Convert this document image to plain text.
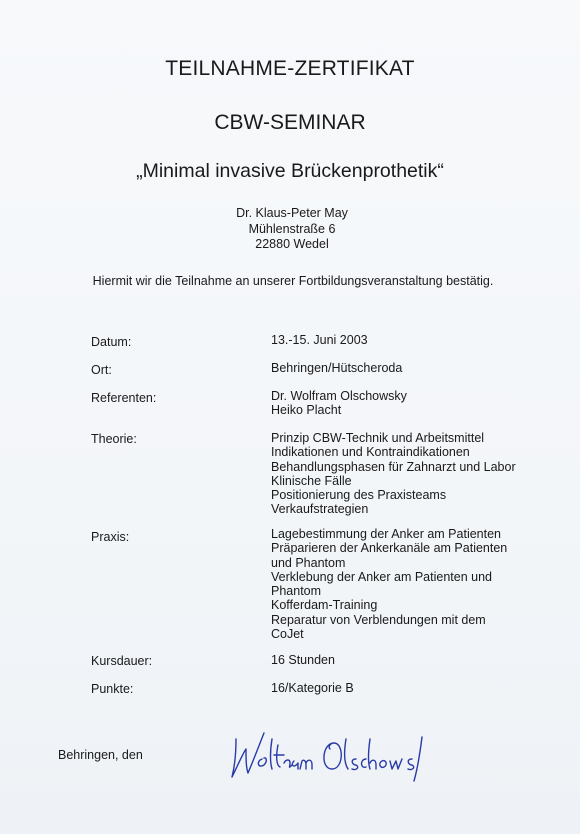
TEILNAHME-ZERTIFIKAT
CBW-SEMINAR
„Minimal invasive Brückenprothetik“
Dr. Klaus-Peter May
Mühlenstraße 6
22880 Wedel
Hiermit wir die Teilnahme an unserer Fortbildungsveranstaltung bestätig.
Datum:	13.-15. Juni 2003
Ort:	Behringen/Hütscheroda
Referenten:	Dr. Wolfram Olschowsky
Heiko Placht
Theorie:	Prinzip CBW-Technik und Arbeitsmittel
Indikationen und Kontraindikationen
Behandlungsphasen für Zahnarzt und Labor
Klinische Fälle
Positionierung des Praxisteams
Verkaufstrategien
Praxis:	Lagebestimmung der Anker am Patienten
Präparieren der Ankerkanäle am Patienten
und Phantom
Verklebung der Anker am Patienten und
Phantom
Kofferdam-Training
Reparatur von Verblendungen mit dem
CoJet
Kursdauer:	16 Stunden
Punkte:	16/Kategorie B
Behringen, den
